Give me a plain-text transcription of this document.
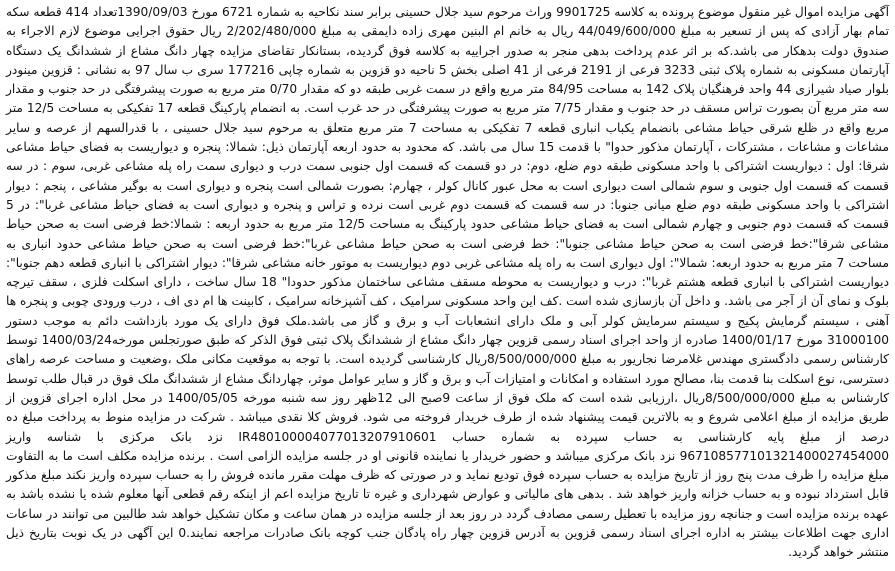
آگهی مزایده اموال غیر منقول موضوع پرونده به کلاسه 9901725 وراث مرحوم سید جلال حسینی برابر سند نکاحیه به شماره 6721 مورخ 1390/09/03تعداد 414 قطعه سکه تمام بهار آزادی که پس از تسعیر به مبلغ 44/049/600/000 ریال به خانم ام البنین مهری زاده دایمقی به مبلغ 2/202/480/000 ریال حقوق اجرایی موضوع لازم الاجراء به صندوق دولت بدهکار می باشد.که بر اثر عدم پرداخت بدهی منجر به صدور اجراییه به کلاسه فوق گردیده، بستانکار تقاضای مزایده چهار دانگ مشاع از ششدانگ یک دستگاه آپارتمان مسکونی به شماره پلاک ثبتی 3233 فرعی از 2191 فرعی از 41 اصلی بخش 5 ناحیه دو قزوین به شماره چاپی 177216 سری ب سال 97 به نشانی : قزوین مینودر بلوار صیاد شیرازی 44 واحد فرهنگیان پلاک 142 به مساحت 84/95 متر مربع واقع در سمت غربی طبقه دو که مقدار 0/70 متر مربع به صورت پیشرفتگی در حد جنوب و مقدار سه متر مربع آن بصورت تراس مسقف در حد جنوب و مقدار 7/75 متر مربع به صورت پیشرفتگی در حد غرب است. به انضمام پارکینگ قطعه 17 تفکیکی به مساحت 12/5 متر مربع واقع در ظلع شرقی حیاط مشاعی بانضمام یکباب انباری قطعه 7 تفکیکی به مساحت 7 متر مربع متعلق به مرحوم سید جلال حسینی ، با قدرالسهم از عرصه و سایر مشاعات و مشاعات ، مشترکات ، آپارتمان مذکور حدوا" با قدمت 15 سال می باشد. که محدود به حدود اربعه آپارتمان ذیل: شمالا: پنجره و دیواریست به فضای حیاط مشاعی شرقا: اول : دیواریست اشتراکی با واحد مسکونی طبقه دوم ضلع، دوم: در دو قسمت که قسمت اول جنوبی سمت درب و دیواری سمت راه پله مشاعی غربی، سوم : در سه قسمت که قسمت اول جنوبی و سوم شمالی است دیواری است به محل عبور کانال کولر ، چهارم: بصورت شمالی است پنجره و دیواری است به بوگیر مشاعی ، پنجم : دیوار اشتراکی با واحد مسکونی طبقه دوم ضلع میانی جنوبا: در سه قسمت که قسمت دوم غربی است نرده و تراس و پنجره و دیواری است به فضای حیاط مشاعی غربا": در 5 قسمت که قسمت دوم جنوبی و چهارم شمالی است به فضای حیاط مشاعی حدود پارکینگ به مساحت 12/5 متر مربع به حدود اربعه : شمالا:خط فرضی است به صحن حیاط مشاعی شرقا":خط فرضی است به صحن حیاط مشاعی جنوبا": خط فرضی است به صحن حیاط مشاعی غربا":خط فرضی است به صحن حیاط مشاعی حدود انباری به مساحت 7 متر مربع به حدود اربعه: شمالا": اول دیواری است به راه پله مشاعی غربی دوم دیواریست به موتور خانه مشاعی شرقا": دیوار اشتراکی با انباری قطعه دهم جنوبا": دیواریست اشتراکی با انباری قطعه هشتم غربا": درب و دیواریست به محوطه مسقف مشاعی ساختمان مذکور حدودا" 18 سال ساخت ، دارای اسکلت فلزی ، سقف تیرچه بلوک و نمای آن از آجر می باشد. و داخل آن بازسازی شده است .کف این واحد مسکونی سرامیک ، کف آشپزخانه سرامیک ، کابینت ها ام دی اف ، درب ورودی چوبی و پنجره ها آهنی ، سیستم گرمایش پکیج و سیستم سرمایش کولر آبی و ملک دارای انشعابات آب و برق و گاز می باشد.ملک فوق دارای یک مورد بازداشت دائم به موجب دستور 31000100 مورخ 1400/01/17 صادره از واحد اجرای اسناد رسمی قزوین چهار دانگ مشاع از ششدانگ پلاک ثبتی فوق الذکر که طبق صورتجلس مورخه1400/03/24 توسط کارشناس رسمی دادگستری مهندس غلامرضا نجاریور به مبلغ 8/500/000/000ریال کارشناسی گردیده است. با توجه به موقعیت مکانی ملک ،وضعیت و مساحت عرصه راهای دسترسی، نوع اسکلت بنا قدمت بنا، مصالح مورد استفاده و امکانات و امتیازات آب و برق و گاز و سایر عوامل موثر، چهاردانگ مشاع از ششدانگ ملک فوق در قبال طلب توسط کارشناس به مبلغ 8/500/000/000ریال ،ارزیابی شده است که ملک فوق از ساعت 9صبح الی 12ظهر روز سه شنبه مورخه 1400/05/05 در محل اداره اجرای قزوین از طریق مزایده از مبلغ اعلامی شروع و به بالاترین قیمت پیشنهاد شده از طرف خریدار فروخته می شود. فروش کلا نقدی میباشد . شرکت در مزایده منوط به پرداخت مبلغ ده درصد از مبلغ پایه کارشناسی به حساب سپرده به شماره حساب IR480100004077013207910601 نزد بانک مرکزی با شناسه واریز 967108577101321400027454000 نزد بانک مرکزی میباشد و حضور خریدار یا نماینده قانونی او در جلسه مزایده الزامی است . برنده مزایده مکلف است ما به التفاوت مبلغ مزایده را ظرف مدت پنج روز از تاریخ مزایده به حساب سپرده فوق تودیع نماید و در صورتی که ظرف مهلت مقرر مانده فروش را به حساب سپرده واریز نکند مبلغ مذکور قابل استرداد نبوده و به حساب خزانه واریز خواهد شد . بدهی های مالیاتی و عوارض شهرداری و غیره تا تاریخ مزایده اعم از اینکه رقم قطعی آنها معلوم شده یا نشده باشد به عهده برنده مزایده است و جنانچه روز مزایده با تعطیل رسمی مصادف گردد در روز بعد از جلسه مزایده در همان ساعت و مکان تشکیل خواهد شد طالبین می توانند در ساعات اداری جهت اطلاعات بیشتر به اداره اجرای اسناد رسمی قزوین به آدرس قزوین چهار راه پادگان جنب کوچه بانک صادرات مراجعه نمایند.0 این آگهی در یک نوبت بتاریخ ذیل منتشر خواهد گردید.
